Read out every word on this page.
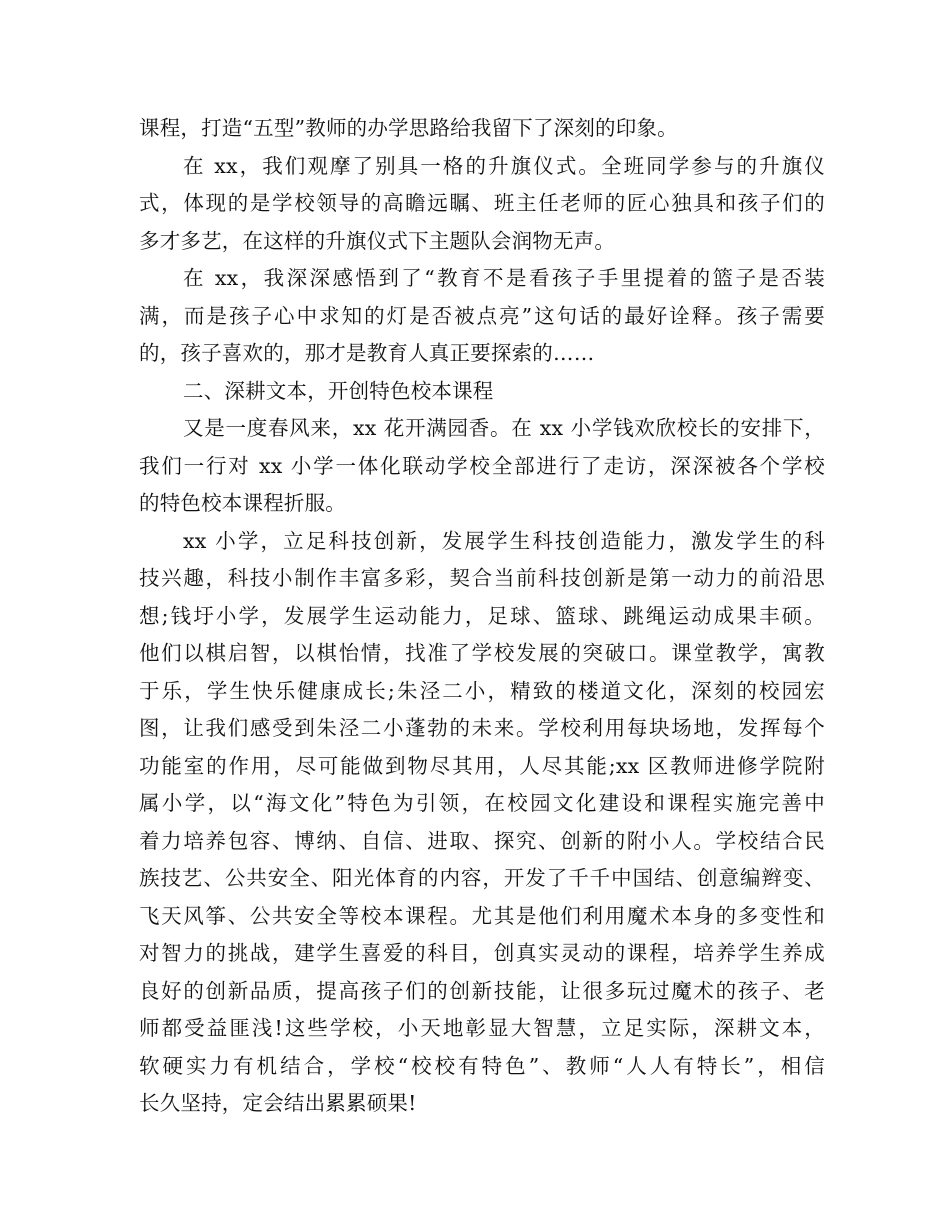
课程，打造“五型”教师的办学思路给我留下了深刻的印象。
在 xx，我们观摩了别具一格的升旗仪式。全班同学参与的升旗仪
式，体现的是学校领导的高瞻远瞩、班主任老师的匠心独具和孩子们的
多才多艺，在这样的升旗仪式下主题队会润物无声。
在 xx，我深深感悟到了“教育不是看孩子手里提着的篮子是否装
满，而是孩子心中求知的灯是否被点亮”这句话的最好诠释。孩子需要
的，孩子喜欢的，那才是教育人真正要探索的……
二、深耕文本，开创特色校本课程
又是一度春风来，xx 花开满园香。在 xx 小学钱欢欣校长的安排下，
我们一行对 xx 小学一体化联动学校全部进行了走访，深深被各个学校
的特色校本课程折服。
xx 小学，立足科技创新，发展学生科技创造能力，激发学生的科
技兴趣，科技小制作丰富多彩，契合当前科技创新是第一动力的前沿思
想;钱圩小学，发展学生运动能力，足球、篮球、跳绳运动成果丰硕。
他们以棋启智，以棋怡情，找准了学校发展的突破口。课堂教学，寓教
于乐，学生快乐健康成长;朱泾二小，精致的楼道文化，深刻的校园宏
图，让我们感受到朱泾二小蓬勃的未来。学校利用每块场地，发挥每个
功能室的作用，尽可能做到物尽其用，人尽其能;xx 区教师进修学院附
属小学，以“海文化”特色为引领，在校园文化建设和课程实施完善中
着力培养包容、博纳、自信、进取、探究、创新的附小人。学校结合民
族技艺、公共安全、阳光体育的内容，开发了千千中国结、创意编辫变、
飞天风筝、公共安全等校本课程。尤其是他们利用魔术本身的多变性和
对智力的挑战，建学生喜爱的科目，创真实灵动的课程，培养学生养成
良好的创新品质，提高孩子们的创新技能，让很多玩过魔术的孩子、老
师都受益匪浅!这些学校，小天地彰显大智慧，立足实际，深耕文本，
软硬实力有机结合，学校“校校有特色”、教师“人人有特长”，相信
长久坚持，定会结出累累硕果!
